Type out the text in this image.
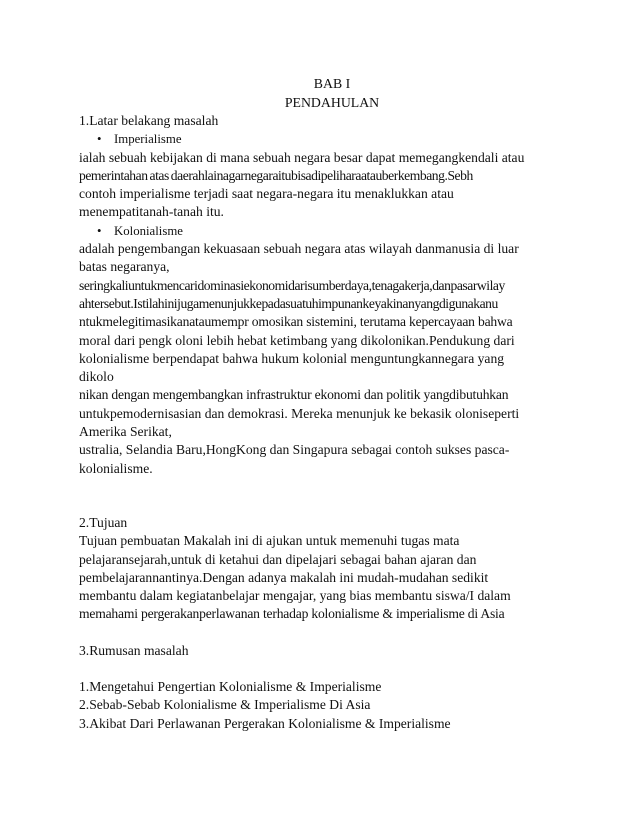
BAB I

PENDAHULAN

1.Latar belakang masalah

• Imperialisme

ialah sebuah kebijakan di mana sebuah negara besar dapat memegangkendali atau

pemerintahan atas daerahlainagarnegaraitubisadipeliharaatauberkembang.Sebh

contoh imperialisme terjadi saat negara-negara itu menaklukkan atau

menempatitanah-tanah itu.

• Kolonialisme

adalah pengembangan kekuasaan sebuah negara atas wilayah danmanusia di luar

batas negaranya,

seringkaliuntukmencaridominasiekonomidarisumberdaya,tenagakerja,danpasarwilay

ahtersebut.Istilahinijugamenunjukkepadasuatuhimpunankeyakinanyangdigunakanu

ntukmelegitimasikanataumempr omosikan sistemini, terutama kepercayaan bahwa

moral dari pengk oloni lebih hebat ketimbang yang dikolonikan.Pendukung dari

kolonialisme berpendapat bahwa hukum kolonial menguntungkannegara yang

dikolo

nikan dengan mengembangkan infrastruktur ekonomi dan politik yangdibutuhkan

untukpemodernisasian dan demokrasi. Mereka menunjuk ke bekasik oloniseperti

Amerika Serikat,

ustralia, Selandia Baru,HongKong dan Singapura sebagai contoh sukses pasca-

kolonialisme.

2.Tujuan

Tujuan pembuatan Makalah ini di ajukan untuk memenuhi tugas mata

pelajaransejarah,untuk di ketahui dan dipelajari sebagai bahan ajaran dan

pembelajarannantinya.Dengan adanya makalah ini mudah-mudahan sedikit

membantu dalam kegiatanbelajar mengajar, yang bias membantu siswa/I dalam

memahami pergerakanperlawanan terhadap kolonialisme & imperialisme di Asia

3.Rumusan masalah

1.Mengetahui Pengertian Kolonialisme & Imperialisme

2.Sebab-Sebab Kolonialisme & Imperialisme Di Asia

3.Akibat Dari Perlawanan Pergerakan Kolonialisme & Imperialisme
